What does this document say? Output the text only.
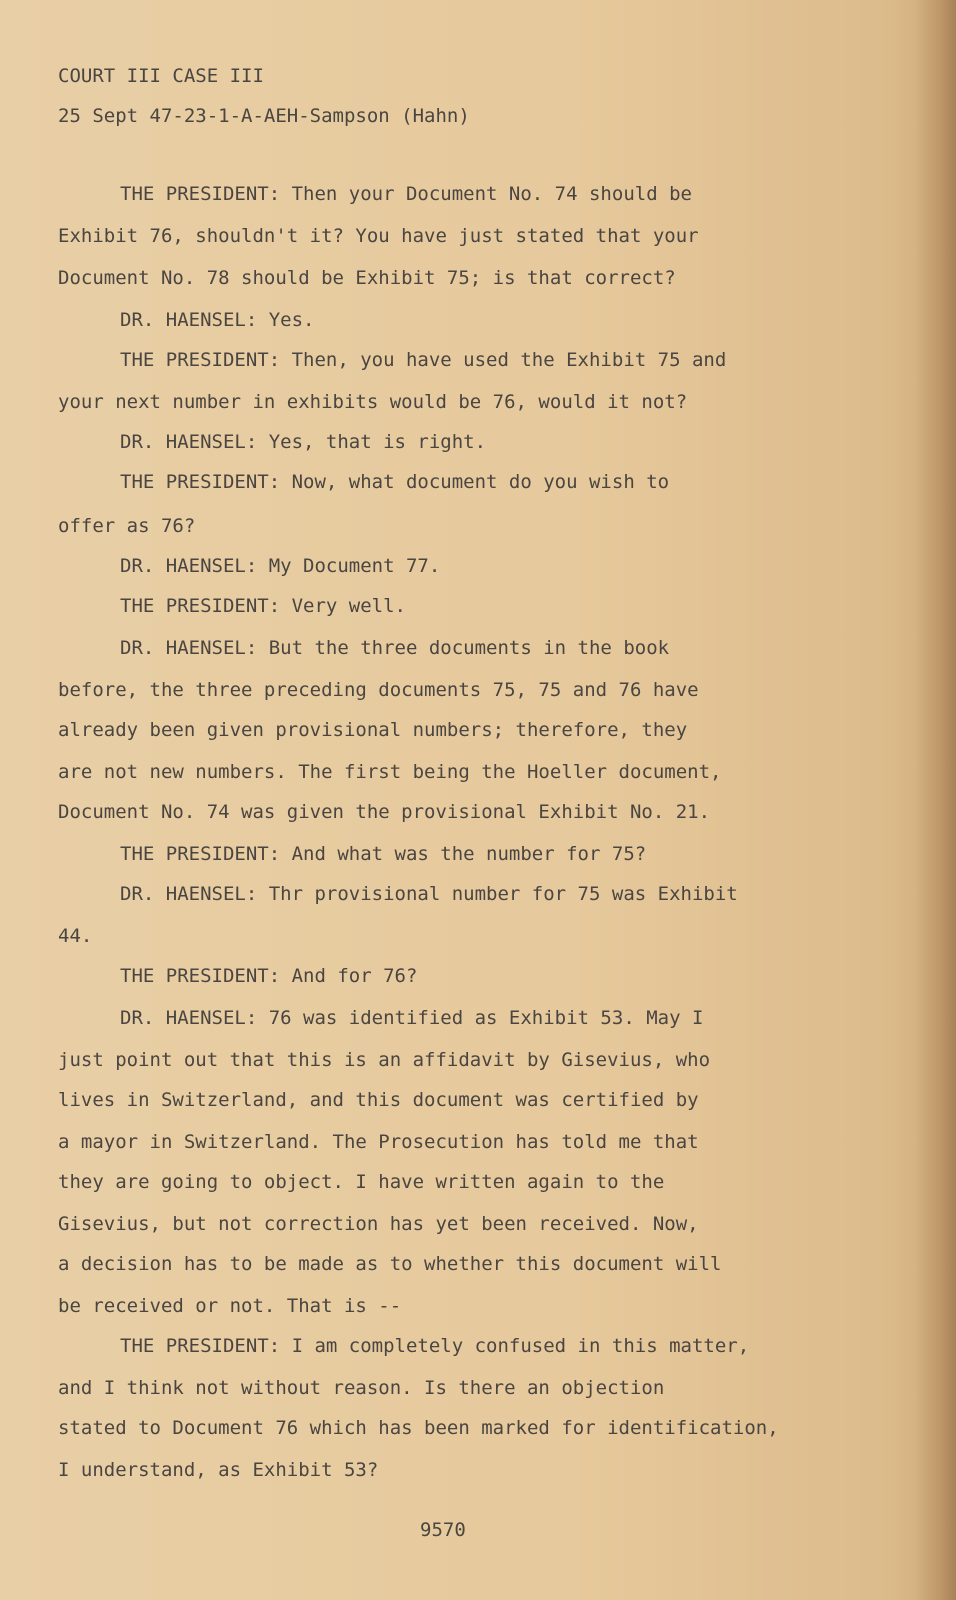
COURT III CASE III
25 Sept 47-23-1-A-AEH-Sampson (Hahn)
THE PRESIDENT: Then your Document No. 74 should be
Exhibit 76, shouldn't it? You have just stated that your
Document No. 78 should be Exhibit 75; is that correct?
DR. HAENSEL: Yes.
THE PRESIDENT: Then, you have used the Exhibit 75 and
your next number in exhibits would be 76, would it not?
DR. HAENSEL: Yes, that is right.
THE PRESIDENT: Now, what document do you wish to
offer as 76?
DR. HAENSEL: My Document 77.
THE PRESIDENT: Very well.
DR. HAENSEL: But the three documents in the book
before, the three preceding documents 75, 75 and 76 have
already been given provisional numbers; therefore, they
are not new numbers. The first being the Hoeller document,
Document No. 74 was given the provisional Exhibit No. 21.
THE PRESIDENT: And what was the number for 75?
DR. HAENSEL: Thr provisional number for 75 was Exhibit
44.
THE PRESIDENT: And for 76?
DR. HAENSEL: 76 was identified as Exhibit 53. May I
just point out that this is an affidavit by Gisevius, who
lives in Switzerland, and this document was certified by
a mayor in Switzerland. The Prosecution has told me that
they are going to object. I have written again to the
Gisevius, but not correction has yet been received. Now,
a decision has to be made as to whether this document will
be received or not. That is --
THE PRESIDENT: I am completely confused in this matter,
and I think not without reason. Is there an objection
stated to Document 76 which has been marked for identification,
I understand, as Exhibit 53?
9570
